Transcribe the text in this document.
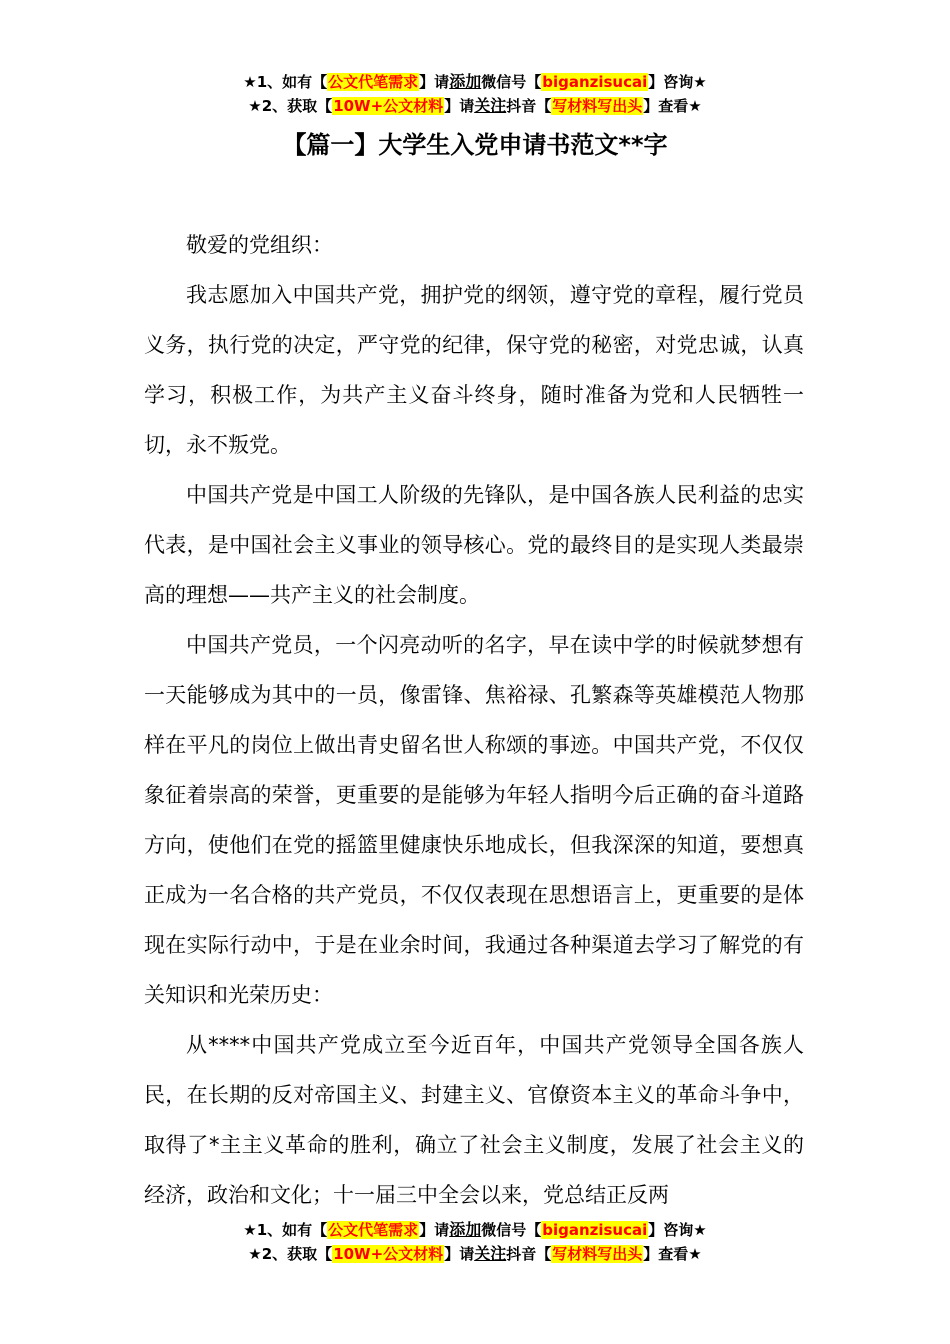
★1、如有【公文代笔需求】请添加微信号【biganzisucai】咨询★
★2、获取【10W+公文材料】请关注抖音【写材料写出头】查看★
【篇一】大学生入党申请书范文**字

敬爱的党组织：

我志愿加入中国共产党，拥护党的纲领，遵守党的章程，履行党员义务，执行党的决定，严守党的纪律，保守党的秘密，对党忠诚，认真学习，积极工作，为共产主义奋斗终身，随时准备为党和人民牺牲一切，永不叛党。

中国共产党是中国工人阶级的先锋队，是中国各族人民利益的忠实代表，是中国社会主义事业的领导核心。党的最终目的是实现人类最崇高的理想——共产主义的社会制度。

中国共产党员，一个闪亮动听的名字，早在读中学的时候就梦想有一天能够成为其中的一员，像雷锋、焦裕禄、孔繁森等英雄模范人物那样在平凡的岗位上做出青史留名世人称颂的事迹。中国共产党，不仅仅象征着崇高的荣誉，更重要的是能够为年轻人指明今后正确的奋斗道路方向，使他们在党的摇篮里健康快乐地成长，但我深深的知道，要想真正成为一名合格的共产党员，不仅仅表现在思想语言上，更重要的是体现在实际行动中，于是在业余时间，我通过各种渠道去学习了解党的有关知识和光荣历史：

从****中国共产党成立至今近百年，中国共产党领导全国各族人民，在长期的反对帝国主义、封建主义、官僚资本主义的革命斗争中，取得了*主主义革命的胜利，确立了社会主义制度，发展了社会主义的经济，政治和文化；十一届三中全会以来，党总结正反两

★1、如有【公文代笔需求】请添加微信号【biganzisucai】咨询★
★2、获取【10W+公文材料】请关注抖音【写材料写出头】查看★
